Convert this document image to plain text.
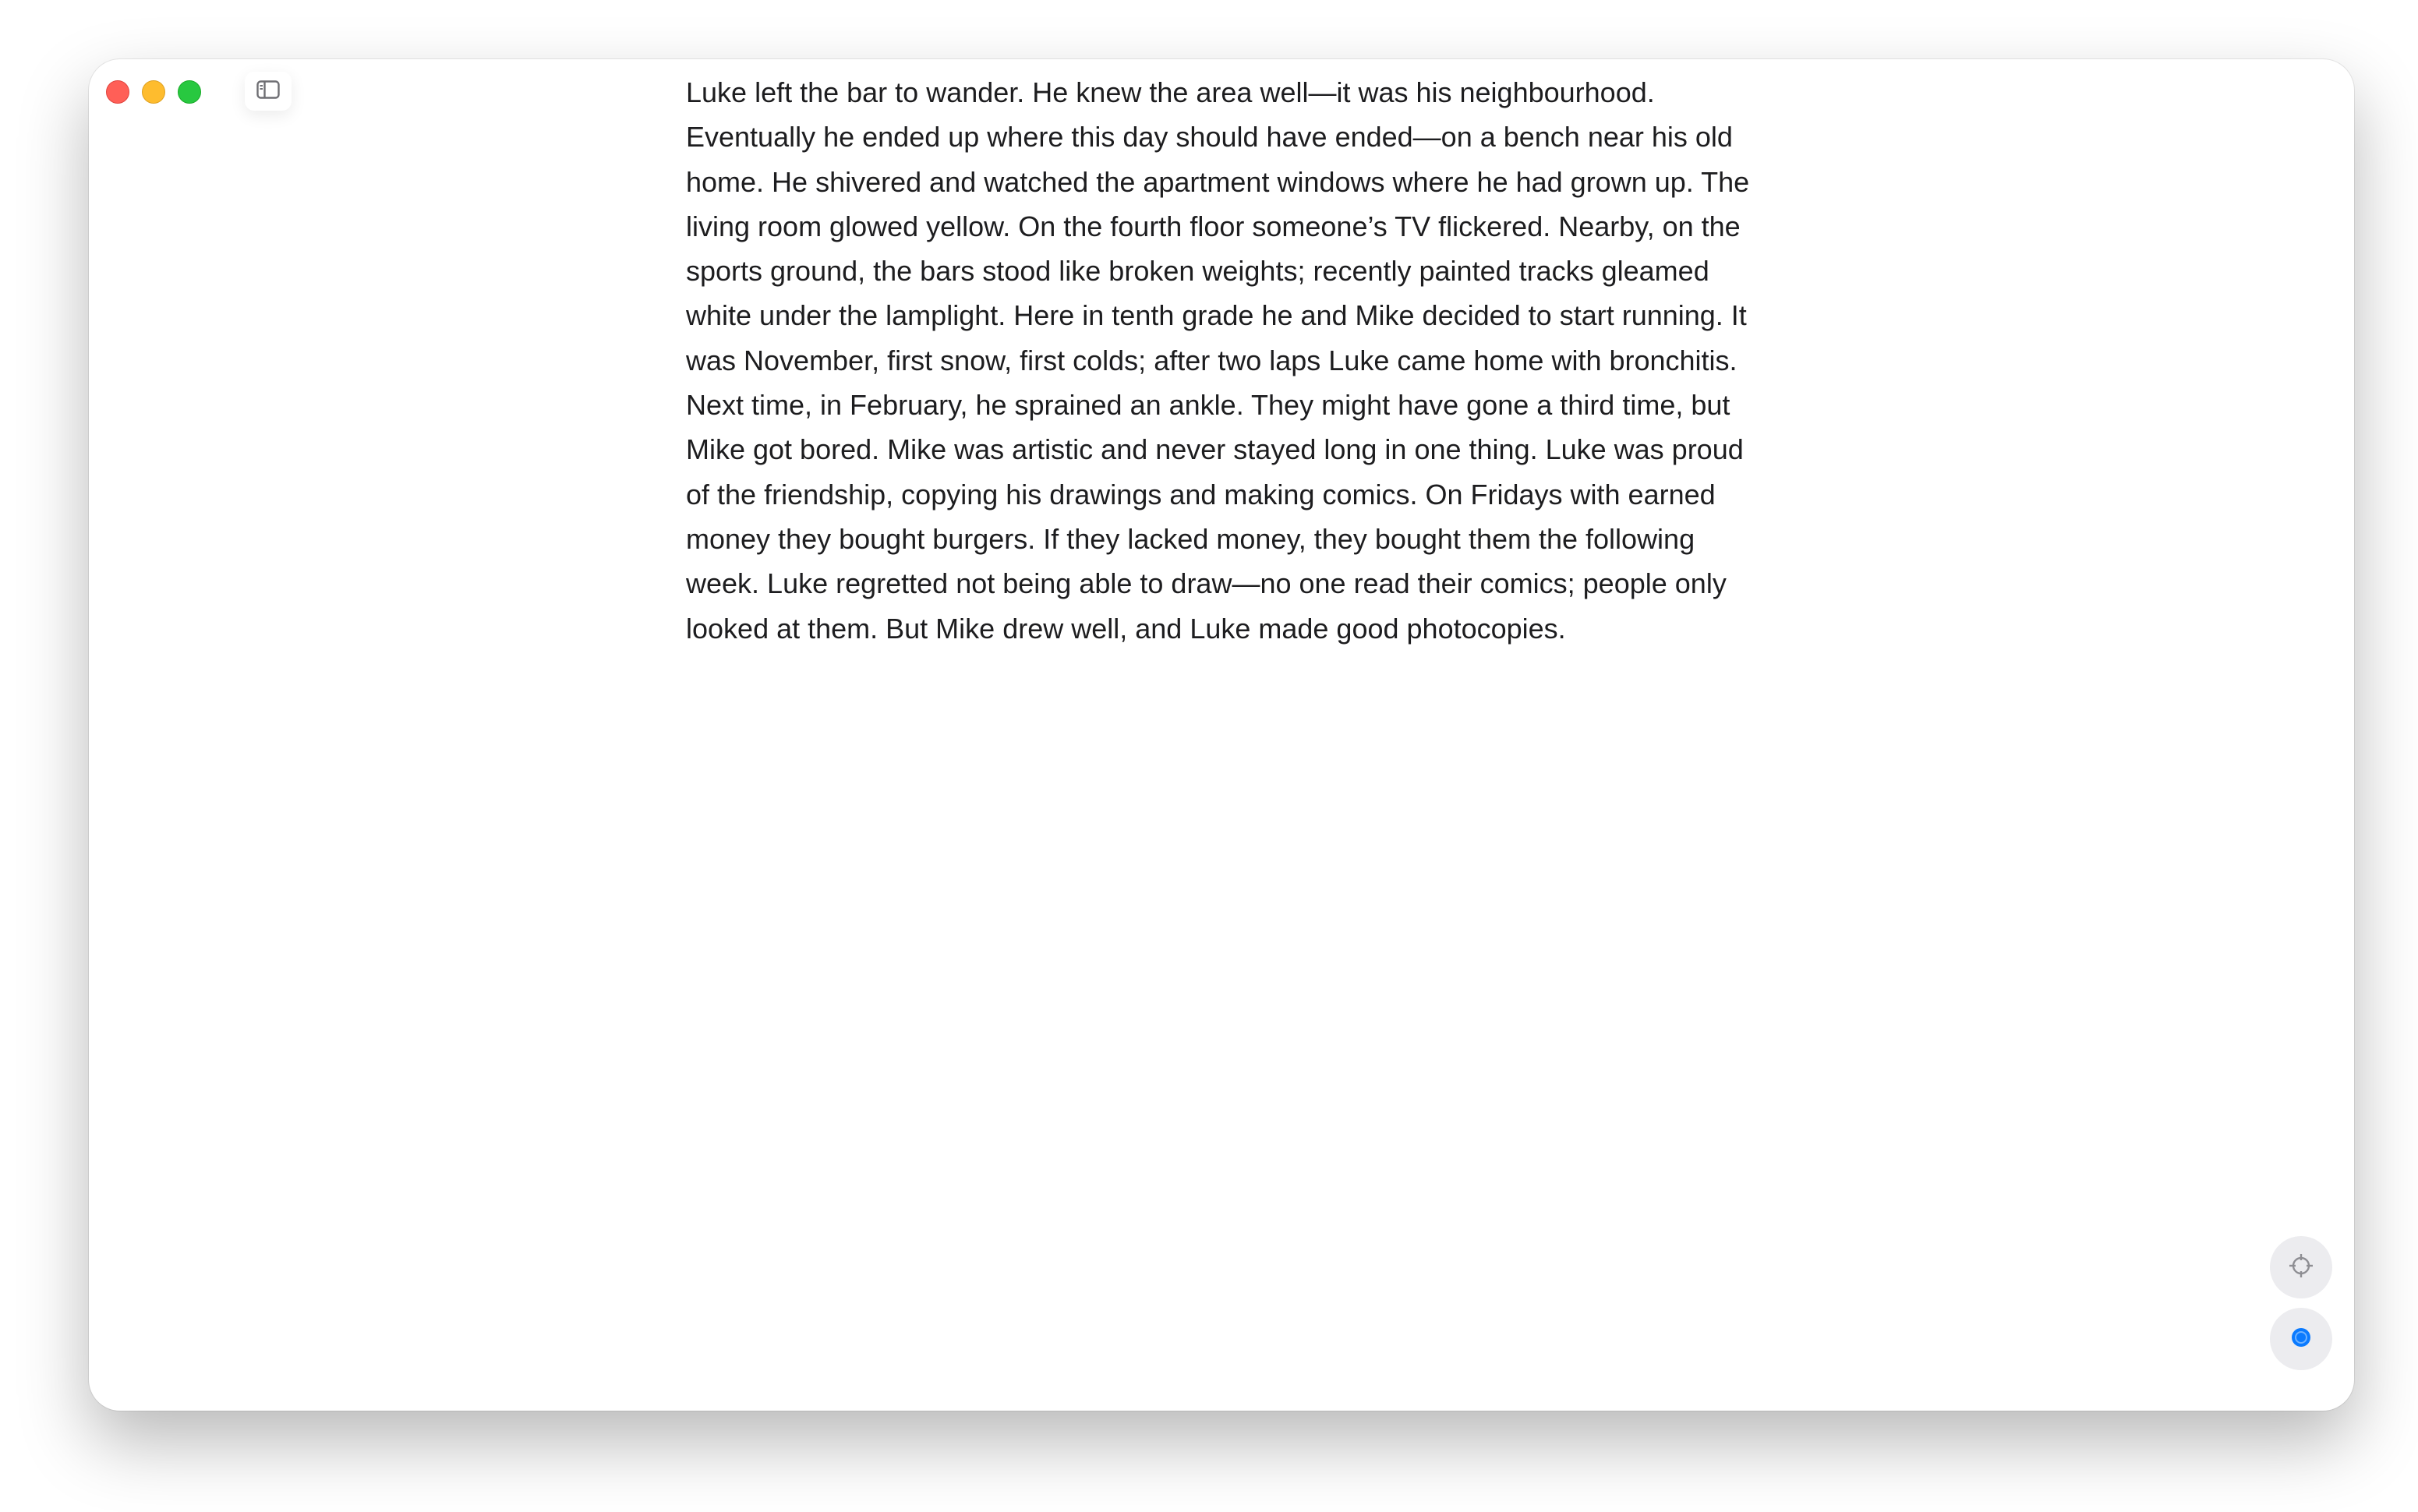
Luke left the bar to wander. He knew the area well—it was his neighbourhood. Eventually he ended up where this day should have ended—on a bench near his old home. He shivered and watched the apartment windows where he had grown up. The living room glowed yellow. On the fourth floor someone’s TV flickered. Nearby, on the sports ground, the bars stood like broken weights; recently painted tracks gleamed white under the lamplight. Here in tenth grade he and Mike decided to start running. It was November, first snow, first colds; after two laps Luke came home with bronchitis. Next time, in February, he sprained an ankle. They might have gone a third time, but Mike got bored. Mike was artistic and never stayed long in one thing. Luke was proud of the friendship, copying his drawings and making comics. On Fridays with earned money they bought burgers. If they lacked money, they bought them the following week. Luke regretted not being able to draw—no one read their comics; people only looked at them. But Mike drew well, and Luke made good photocopies.
